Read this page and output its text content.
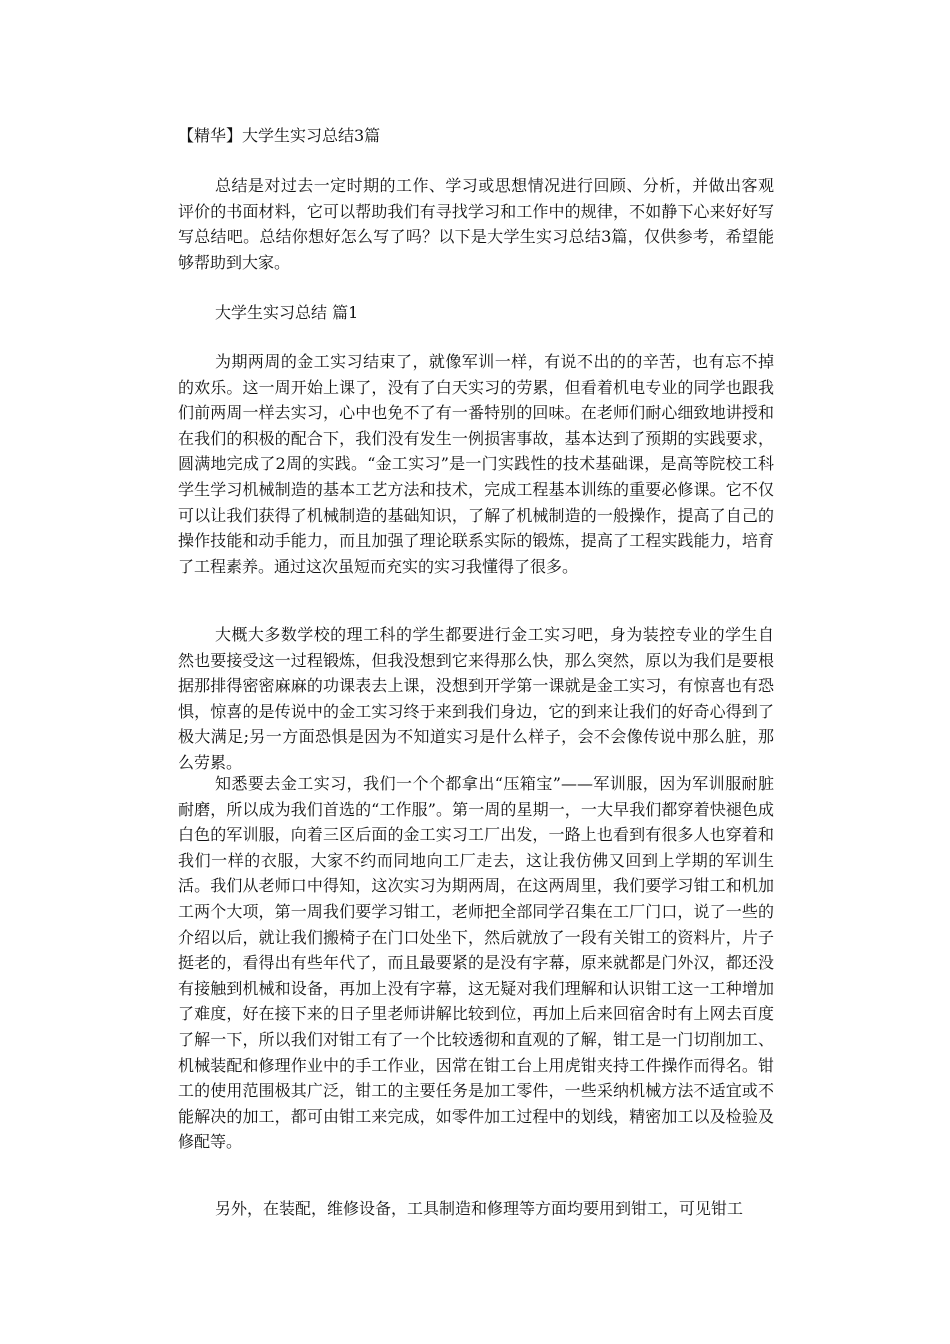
【精华】大学生实习总结3篇

总结是对过去一定时期的工作、学习或思想情况进行回顾、分析，并做出客观评价的书面材料，它可以帮助我们有寻找学习和工作中的规律，不如静下心来好好写写总结吧。总结你想好怎么写了吗？以下是大学生实习总结3篇，仅供参考，希望能够帮助到大家。

大学生实习总结 篇1

为期两周的金工实习结束了，就像军训一样，有说不出的的辛苦，也有忘不掉的欢乐。这一周开始上课了，没有了白天实习的劳累，但看着机电专业的同学也跟我们前两周一样去实习，心中也免不了有一番特别的回味。在老师们耐心细致地讲授和在我们的积极的配合下，我们没有发生一例损害事故，基本达到了预期的实践要求，圆满地完成了2周的实践。“金工实习”是一门实践性的技术基础课，是高等院校工科学生学习机械制造的基本工艺方法和技术，完成工程基本训练的重要必修课。它不仅可以让我们获得了机械制造的基础知识，了解了机械制造的一般操作，提高了自己的操作技能和动手能力，而且加强了理论联系实际的锻炼，提高了工程实践能力，培育了工程素养。通过这次虽短而充实的实习我懂得了很多。

大概大多数学校的理工科的学生都要进行金工实习吧，身为装控专业的学生自然也要接受这一过程锻炼，但我没想到它来得那么快，那么突然，原以为我们是要根据那排得密密麻麻的功课表去上课，没想到开学第一课就是金工实习，有惊喜也有恐惧，惊喜的是传说中的金工实习终于来到我们身边，它的到来让我们的好奇心得到了极大满足;另一方面恐惧是因为不知道实习是什么样子，会不会像传说中那么脏，那么劳累。

知悉要去金工实习，我们一个个都拿出“压箱宝”——军训服，因为军训服耐脏耐磨，所以成为我们首选的“工作服”。第一周的星期一，一大早我们都穿着快褪色成白色的军训服，向着三区后面的金工实习工厂出发，一路上也看到有很多人也穿着和我们一样的衣服，大家不约而同地向工厂走去，这让我仿佛又回到上学期的军训生活。我们从老师口中得知，这次实习为期两周，在这两周里，我们要学习钳工和机加工两个大项，第一周我们要学习钳工，老师把全部同学召集在工厂门口，说了一些的介绍以后，就让我们搬椅子在门口处坐下，然后就放了一段有关钳工的资料片，片子挺老的，看得出有些年代了，而且最要紧的是没有字幕，原来就都是门外汉，都还没有接触到机械和设备，再加上没有字幕，这无疑对我们理解和认识钳工这一工种增加了难度，好在接下来的日子里老师讲解比较到位，再加上后来回宿舍时有上网去百度了解一下，所以我们对钳工有了一个比较透彻和直观的了解，钳工是一门切削加工、机械装配和修理作业中的手工作业，因常在钳工台上用虎钳夹持工件操作而得名。钳工的使用范围极其广泛，钳工的主要任务是加工零件，一些采纳机械方法不适宜或不能解决的加工，都可由钳工来完成，如零件加工过程中的划线，精密加工以及检验及修配等。

另外，在装配，维修设备，工具制造和修理等方面均要用到钳工，可见钳工
